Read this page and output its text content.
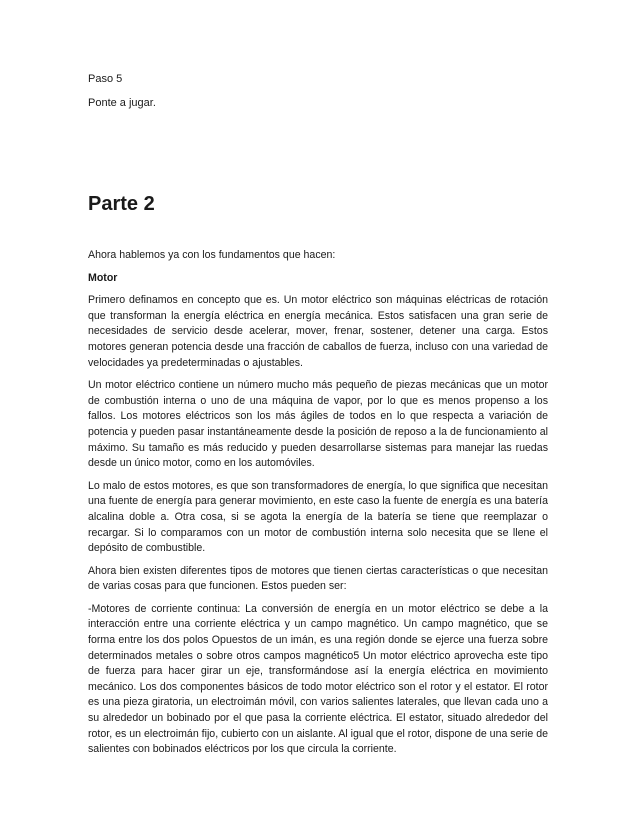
Paso 5
Ponte a jugar.
Parte 2

Ahora hablemos ya con los fundamentos que hacen:

Motor

Primero definamos en concepto que es. Un motor eléctrico son máquinas eléctricas de rotación que transforman la energía eléctrica en energía mecánica. Estos satisfacen una gran serie de necesidades de servicio desde acelerar, mover, frenar, sostener, detener una carga. Estos motores generan potencia desde una fracción de caballos de fuerza, incluso con una variedad de velocidades ya predeterminadas o ajustables.

Un motor eléctrico contiene un número mucho más pequeño de piezas mecánicas que un motor de combustión interna o uno de una máquina de vapor, por lo que es menos propenso a los fallos. Los motores eléctricos son los más ágiles de todos en lo que respecta a variación de potencia y pueden pasar instantáneamente desde la posición de reposo a la de funcionamiento al máximo. Su tamaño es más reducido y pueden desarrollarse sistemas para manejar las ruedas desde un único motor, como en los automóviles.

Lo malo de estos motores, es que son transformadores de energía, lo que significa que necesitan una fuente de energía para generar movimiento, en este caso la fuente de energía es una batería alcalina doble a. Otra cosa, si se agota la energía de la batería se tiene que reemplazar o recargar. Si lo comparamos con un motor de combustión interna solo necesita que se llene el depósito de combustible.

Ahora bien existen diferentes tipos de motores que tienen ciertas características o que necesitan de varias cosas para que funcionen. Estos pueden ser:

-Motores de corriente continua: La conversión de energía en un motor eléctrico se debe a la interacción entre una corriente eléctrica y un campo magnético. Un campo magnético, que se forma entre los dos polos Opuestos de un imán, es una región donde se ejerce una fuerza sobre determinados metales o sobre otros campos magnético5 Un motor eléctrico aprovecha este tipo de fuerza para hacer girar un eje, transformándose así la energía eléctrica en movimiento mecánico. Los dos componentes básicos de todo motor eléctrico son el rotor y el estator. El rotor es una pieza giratoria, un electroimán móvil, con varios salientes laterales, que llevan cada uno a su alrededor un bobinado por el que pasa la corriente eléctrica. El estator, situado alrededor del rotor, es un electroimán fijo, cubierto con un aislante. Al igual que el rotor, dispone de una serie de salientes con bobinados eléctricos por los que circula la corriente.
